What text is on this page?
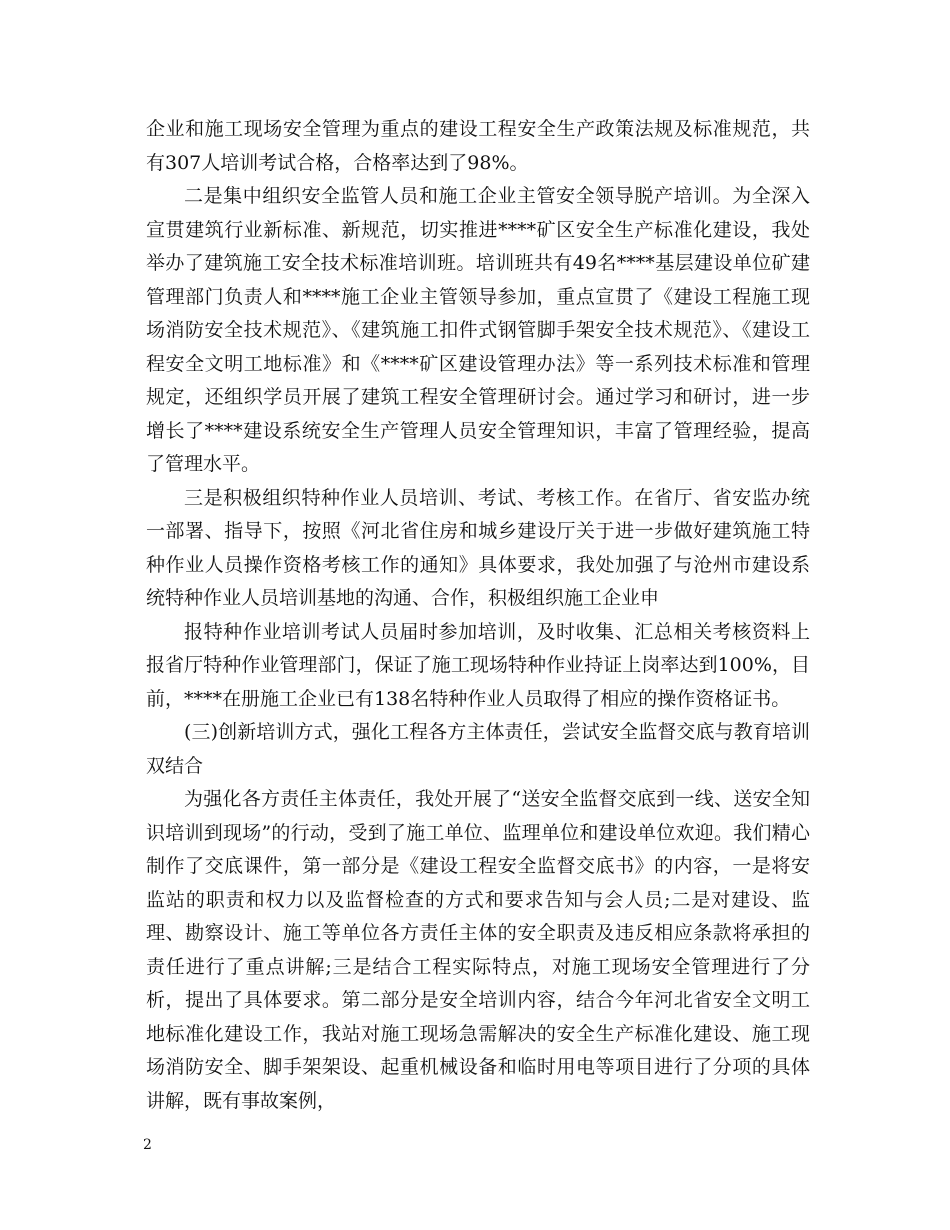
企业和施工现场安全管理为重点的建设工程安全生产政策法规及标准规范，共有307人培训考试合格，合格率达到了98%。

二是集中组织安全监管人员和施工企业主管安全领导脱产培训。为全深入宣贯建筑行业新标准、新规范，切实推进****矿区安全生产标准化建设，我处举办了建筑施工安全技术标准培训班。培训班共有49名****基层建设单位矿建管理部门负责人和****施工企业主管领导参加，重点宣贯了《建设工程施工现场消防安全技术规范》、《建筑施工扣件式钢管脚手架安全技术规范》、《建设工程安全文明工地标准》和《****矿区建设管理办法》等一系列技术标准和管理规定，还组织学员开展了建筑工程安全管理研讨会。通过学习和研讨，进一步增长了****建设系统安全生产管理人员安全管理知识，丰富了管理经验，提高了管理水平。

三是积极组织特种作业人员培训、考试、考核工作。在省厅、省安监办统一部署、指导下，按照《河北省住房和城乡建设厅关于进一步做好建筑施工特种作业人员操作资格考核工作的通知》具体要求，我处加强了与沧州市建设系统特种作业人员培训基地的沟通、合作，积极组织施工企业申

报特种作业培训考试人员届时参加培训，及时收集、汇总相关考核资料上报省厅特种作业管理部门，保证了施工现场特种作业持证上岗率达到100%，目前，****在册施工企业已有138名特种作业人员取得了相应的操作资格证书。

(三)创新培训方式，强化工程各方主体责任，尝试安全监督交底与教育培训双结合

为强化各方责任主体责任，我处开展了“送安全监督交底到一线、送安全知识培训到现场”的行动，受到了施工单位、监理单位和建设单位欢迎。我们精心制作了交底课件，第一部分是《建设工程安全监督交底书》的内容，一是将安监站的职责和权力以及监督检查的方式和要求告知与会人员;二是对建设、监理、勘察设计、施工等单位各方责任主体的安全职责及违反相应条款将承担的责任进行了重点讲解;三是结合工程实际特点，对施工现场安全管理进行了分析，提出了具体要求。第二部分是安全培训内容，结合今年河北省安全文明工地标准化建设工作，我站对施工现场急需解决的安全生产标准化建设、施工现场消防安全、脚手架架设、起重机械设备和临时用电等项目进行了分项的具体讲解，既有事故案例，

2
